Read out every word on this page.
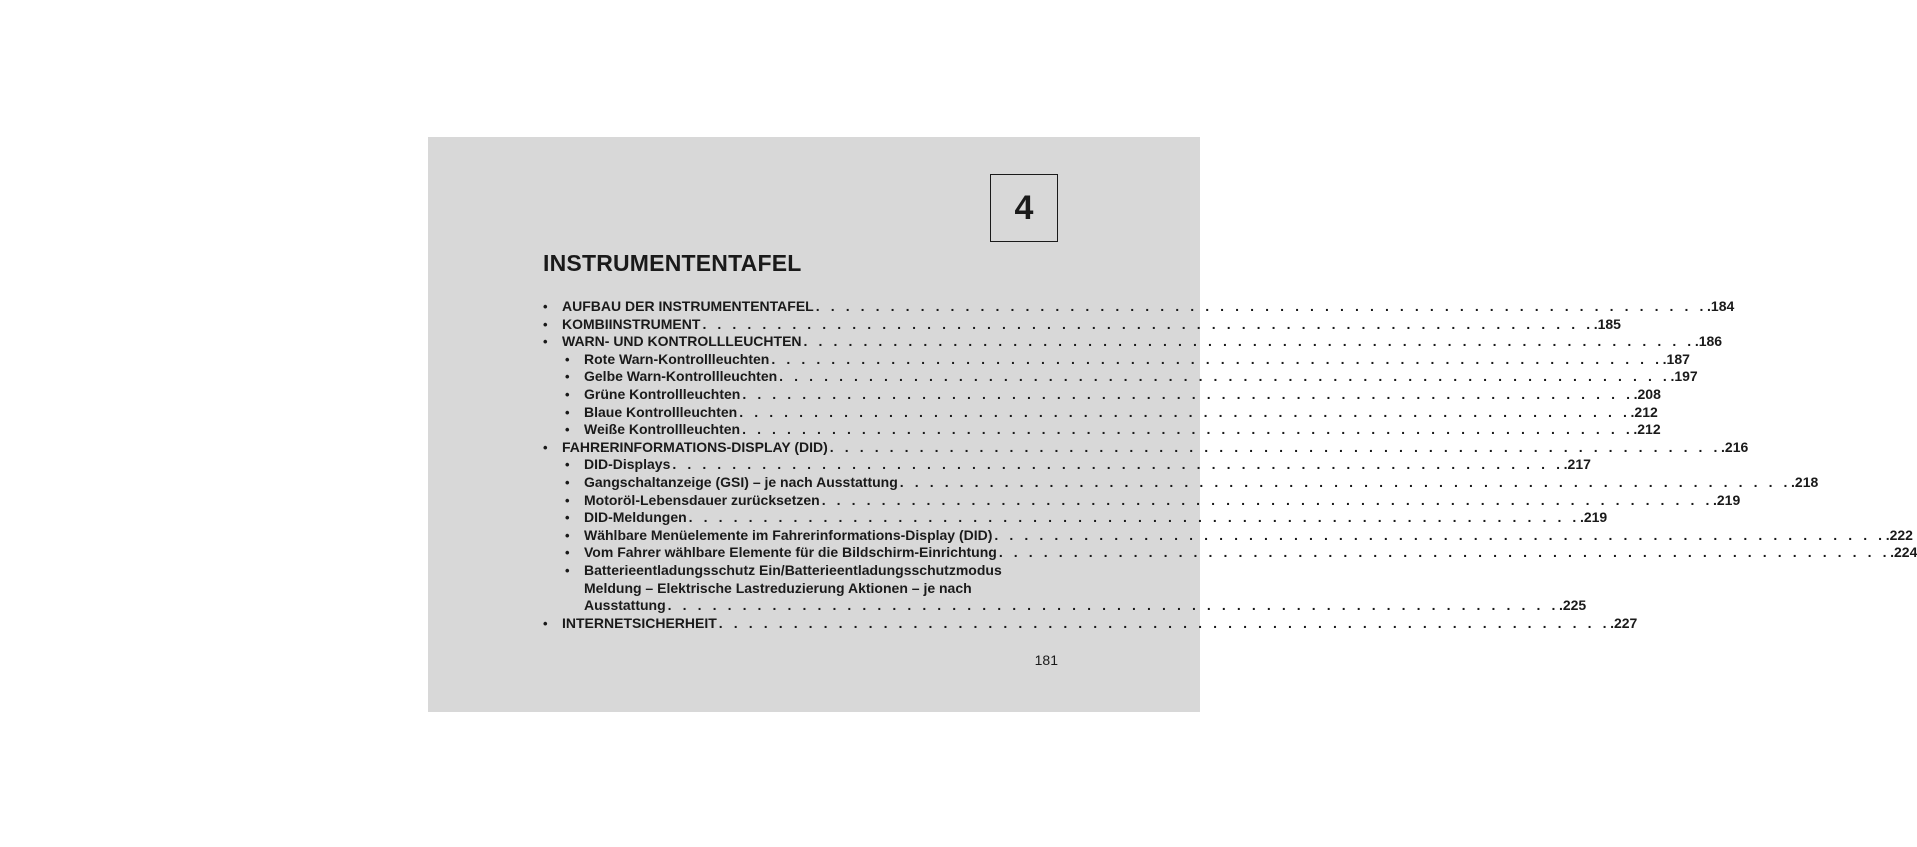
4
INSTRUMENTENTAFEL
• AUFBAU DER INSTRUMENTENTAFEL . . . . . . . . . . . . . . . . . . . . . . . . . . . . . . . . . . . . . . . . . . . . . . . . . . . . . . . . . . . . .184
• KOMBIINSTRUMENT . . . . . . . . . . . . . . . . . . . . . . . . . . . . . . . . . . . . . . . . . . . . . . . . . . . . . . . . . . . . .185
• WARN- UND KONTROLLLEUCHTEN . . . . . . . . . . . . . . . . . . . . . . . . . . . . . . . . . . . . . . . . . . . . . . . . . . . . . . . . . . . . .186
• Rote Warn-Kontrollleuchten . . . . . . . . . . . . . . . . . . . . . . . . . . . . . . . . . . . . . . . . . . . . . . . . . . . . . . . . . . . . .187
• Gelbe Warn-Kontrollleuchten . . . . . . . . . . . . . . . . . . . . . . . . . . . . . . . . . . . . . . . . . . . . . . . . . . . . . . . . . . . . .197
• Grüne Kontrollleuchten . . . . . . . . . . . . . . . . . . . . . . . . . . . . . . . . . . . . . . . . . . . . . . . . . . . . . . . . . . . . .208
• Blaue Kontrollleuchten . . . . . . . . . . . . . . . . . . . . . . . . . . . . . . . . . . . . . . . . . . . . . . . . . . . . . . . . . . . . .212
• Weiße Kontrollleuchten . . . . . . . . . . . . . . . . . . . . . . . . . . . . . . . . . . . . . . . . . . . . . . . . . . . . . . . . . . . . .212
• FAHRERINFORMATIONS-DISPLAY (DID) . . . . . . . . . . . . . . . . . . . . . . . . . . . . . . . . . . . . . . . . . . . . . . . . . . . . . . . . . . . . .216
• DID-Displays . . . . . . . . . . . . . . . . . . . . . . . . . . . . . . . . . . . . . . . . . . . . . . . . . . . . . . . . . . . . .217
• Gangschaltanzeige (GSI) – je nach Ausstattung . . . . . . . . . . . . . . . . . . . . . . . . . . . . . . . . . . . . . . . . . . . . . . . . . . . . . . . . . . . . .218
• Motoröl-Lebensdauer zurücksetzen . . . . . . . . . . . . . . . . . . . . . . . . . . . . . . . . . . . . . . . . . . . . . . . . . . . . . . . . . . . . .219
• DID-Meldungen . . . . . . . . . . . . . . . . . . . . . . . . . . . . . . . . . . . . . . . . . . . . . . . . . . . . . . . . . . . . .219
• Wählbare Menüelemente im Fahrerinformations-Display (DID) . . . . . . . . . . . . . . . . . . . . . . . . . . . . . . . . . . . . . . . . . . . . . . . . . . . . . . . . . . . . .222
• Vom Fahrer wählbare Elemente für die Bildschirm-Einrichtung . . . . . . . . . . . . . . . . . . . . . . . . . . . . . . . . . . . . . . . . . . . . . . . . . . . . . . . . . . . . .224
• Batterieentladungsschutz Ein/Batterieentladungsschutzmodus
Meldung – Elektrische Lastreduzierung Aktionen – je nach
Ausstattung . . . . . . . . . . . . . . . . . . . . . . . . . . . . . . . . . . . . . . . . . . . . . . . . . . . . . . . . . . . . .225
• INTERNETSICHERHEIT . . . . . . . . . . . . . . . . . . . . . . . . . . . . . . . . . . . . . . . . . . . . . . . . . . . . . . . . . . . . .227
181
